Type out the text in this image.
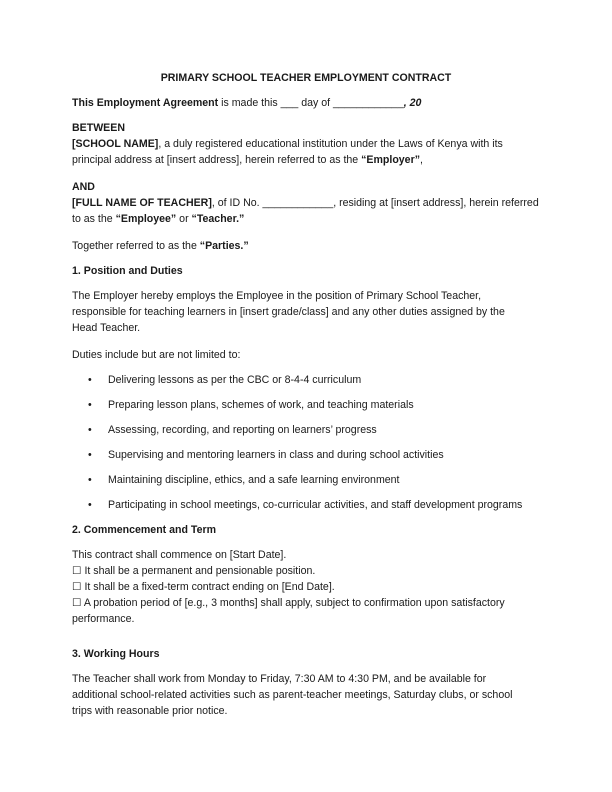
PRIMARY SCHOOL TEACHER EMPLOYMENT CONTRACT

This Employment Agreement is made this ___ day of ____________, 20

BETWEEN
[SCHOOL NAME], a duly registered educational institution under the Laws of Kenya with its
principal address at [insert address], herein referred to as the “Employer”,
AND
[FULL NAME OF TEACHER], of ID No. ____________, residing at [insert address], herein referred
to as the “Employee” or “Teacher.”

Together referred to as the “Parties.”

1. Position and Duties
The Employer hereby employs the Employee in the position of Primary School Teacher,
responsible for teaching learners in [insert grade/class] and any other duties assigned by the
Head Teacher.
Duties include but are not limited to:
• Delivering lessons as per the CBC or 8-4-4 curriculum
• Preparing lesson plans, schemes of work, and teaching materials
• Assessing, recording, and reporting on learners’ progress
• Supervising and mentoring learners in class and during school activities
• Maintaining discipline, ethics, and a safe learning environment
• Participating in school meetings, co-curricular activities, and staff development programs
2. Commencement and Term
This contract shall commence on [Start Date].
☐ It shall be a permanent and pensionable position.
☐ It shall be a fixed-term contract ending on [End Date].
☐ A probation period of [e.g., 3 months] shall apply, subject to confirmation upon satisfactory
performance.
3. Working Hours
The Teacher shall work from Monday to Friday, 7:30 AM to 4:30 PM, and be available for
additional school-related activities such as parent-teacher meetings, Saturday clubs, or school
trips with reasonable prior notice.
